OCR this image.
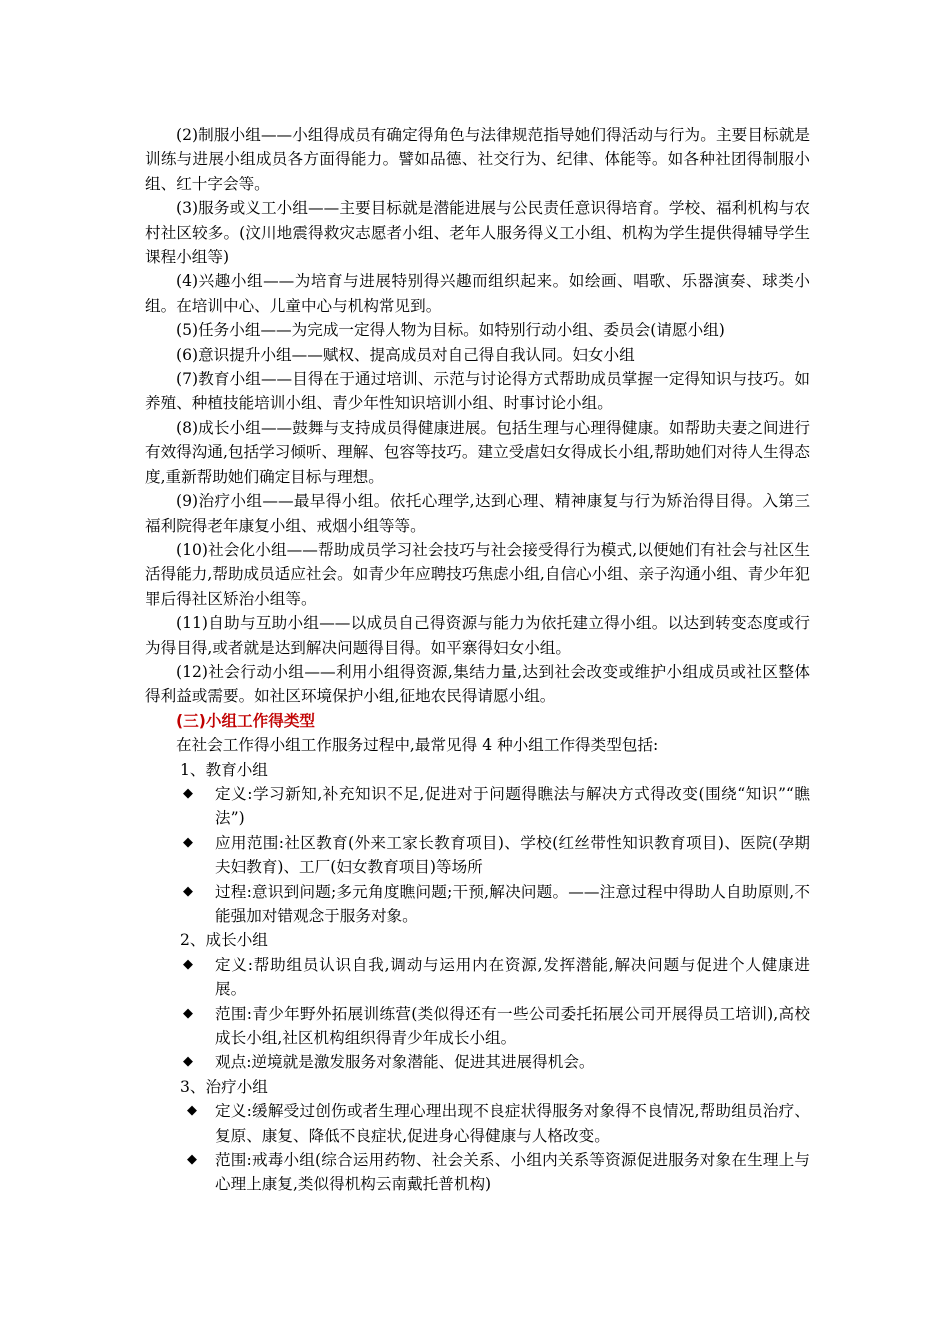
(2)制服小组——小组得成员有确定得角色与法律规范指导她们得活动与行为。主要目标就是训练与进展小组成员各方面得能力。譬如品德、社交行为、纪律、体能等。如各种社团得制服小组、红十字会等。

(3)服务或义工小组——主要目标就是潜能进展与公民责任意识得培育。学校、福利机构与农村社区较多。(汶川地震得救灾志愿者小组、老年人服务得义工小组、机构为学生提供得辅导学生课程小组等)

(4)兴趣小组——为培育与进展特别得兴趣而组织起来。如绘画、唱歌、乐器演奏、球类小组。在培训中心、儿童中心与机构常见到。

(5)任务小组——为完成一定得人物为目标。如特别行动小组、委员会(请愿小组)

(6)意识提升小组——赋权、提高成员对自己得自我认同。妇女小组

(7)教育小组——目得在于通过培训、示范与讨论得方式帮助成员掌握一定得知识与技巧。如养殖、种植技能培训小组、青少年性知识培训小组、时事讨论小组。

(8)成长小组——鼓舞与支持成员得健康进展。包括生理与心理得健康。如帮助夫妻之间进行有效得沟通,包括学习倾听、理解、包容等技巧。建立受虐妇女得成长小组,帮助她们对待人生得态度,重新帮助她们确定目标与理想。

(9)治疗小组——最早得小组。依托心理学,达到心理、精神康复与行为矫治得目得。入第三福利院得老年康复小组、戒烟小组等等。

(10)社会化小组——帮助成员学习社会技巧与社会接受得行为模式,以便她们有社会与社区生活得能力,帮助成员适应社会。如青少年应聘技巧焦虑小组,自信心小组、亲子沟通小组、青少年犯罪后得社区矫治小组等。

(11)自助与互助小组——以成员自己得资源与能力为依托建立得小组。以达到转变态度或行为得目得,或者就是达到解决问题得目得。如平寨得妇女小组。

(12)社会行动小组——利用小组得资源,集结力量,达到社会改变或维护小组成员或社区整体得利益或需要。如社区环境保护小组,征地农民得请愿小组。

(三)小组工作得类型

在社会工作得小组工作服务过程中,最常见得 4 种小组工作得类型包括:

1、教育小组

◆	定义:学习新知,补充知识不足,促进对于问题得瞧法与解决方式得改变(围绕“知识”“瞧法”)
◆	应用范围:社区教育(外来工家长教育项目)、学校(红丝带性知识教育项目)、医院(孕期夫妇教育)、工厂(妇女教育项目)等场所
◆	过程:意识到问题;多元角度瞧问题;干预,解决问题。——注意过程中得助人自助原则,不能强加对错观念于服务对象。

2、成长小组

◆	定义:帮助组员认识自我,调动与运用内在资源,发挥潜能,解决问题与促进个人健康进展。
◆	范围:青少年野外拓展训练营(类似得还有一些公司委托拓展公司开展得员工培训),高校成长小组,社区机构组织得青少年成长小组。
◆	观点:逆境就是激发服务对象潜能、促进其进展得机会。

3、治疗小组

◆	定义:缓解受过创伤或者生理心理出现不良症状得服务对象得不良情况,帮助组员治疗、复原、康复、降低不良症状,促进身心得健康与人格改变。
◆	范围:戒毒小组(综合运用药物、社会关系、小组内关系等资源促进服务对象在生理上与心理上康复,类似得机构云南戴托普机构)
